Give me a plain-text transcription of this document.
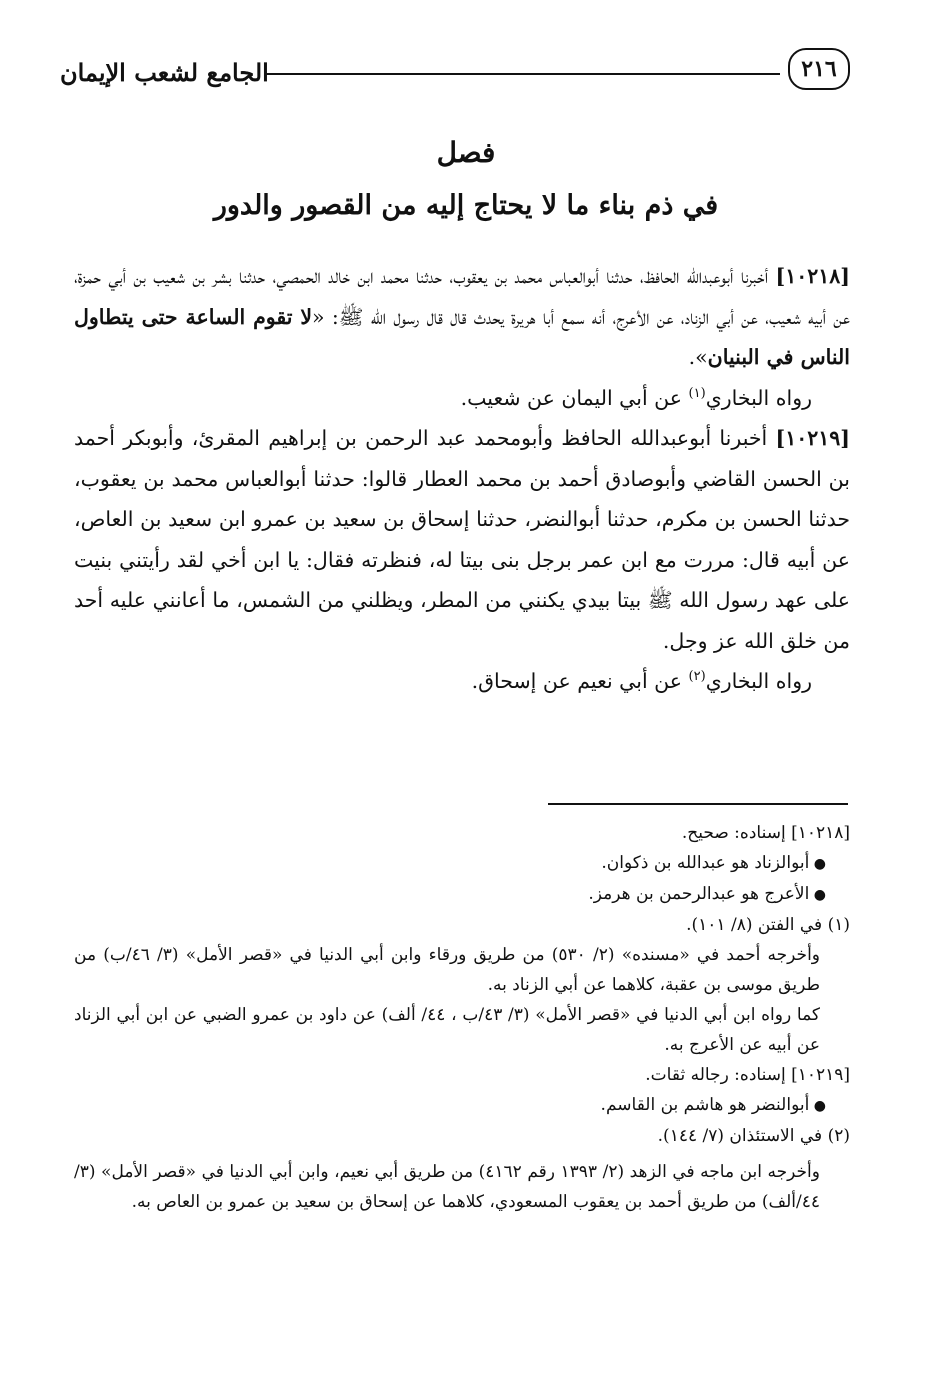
الجامع لشعب الإيمان	٢١٦
فصل
في ذم بناء ما لا يحتاج إليه من القصور والدور

[١٠٢١٨] أخبرنا أبوعبدالله الحافظ، حدثنا أبوالعباس محمد بن يعقوب، حدثنا محمد ابن خالد الحمصي، حدثنا بشر بن شعيب بن أبي حمزة، عن أبيه شعيب، عن أبي الزناد، عن الأعرج، أنه سمع أبا هريرة يحدث قال قال رسول الله ﷺ: «لا تقوم الساعة حتى يتطاول الناس في البنيان».

رواه البخاري$^{(١)}$ عن أبي اليمان عن شعيب.

[١٠٢١٩] أخبرنا أبوعبدالله الحافظ وأبومحمد عبد الرحمن بن إبراهيم المقرئ، وأبوبكر أحمد بن الحسن القاضي وأبوصادق أحمد بن محمد العطار قالوا: حدثنا أبوالعباس محمد بن يعقوب، حدثنا الحسن بن مكرم، حدثنا أبوالنضر، حدثنا إسحاق بن سعيد بن عمرو ابن سعيد بن العاص، عن أبيه قال: مررت مع ابن عمر برجل بنى بيتا له، فنظرته فقال: يا ابن أخي لقد رأيتني بنيت على عهد رسول الله ﷺ بيتا بيدي يكنني من المطر، ويظلني من الشمس، ما أعانني عليه أحد من خلق الله عز وجل.

رواه البخاري$^{(٢)}$ عن أبي نعيم عن إسحاق.

[١٠٢١٨] إسناده: صحيح.

● أبوالزناد هو عبدالله بن ذكوان.

● الأعرج هو عبدالرحمن بن هرمز.

(١) في الفتن (٨/ ١٠١).

وأخرجه أحمد في «مسنده» (٢/ ٥٣٠) من طريق ورقاء وابن أبي الدنيا في «قصر الأمل» (٣/ ٤٦/ب) من طريق موسى بن عقبة، كلاهما عن أبي الزناد به.

كما رواه ابن أبي الدنيا في «قصر الأمل» (٣/ ٤٣/ب ، ٤٤/ ألف) عن داود بن عمرو الضبي عن ابن أبي الزناد عن أبيه عن الأعرج به.

[١٠٢١٩] إسناده: رجاله ثقات.

● أبوالنضر هو هاشم بن القاسم.

(٢) في الاستئذان (٧/ ١٤٤).

وأخرجه ابن ماجه في الزهد (٢/ ١٣٩٣ رقم ٤١٦٢) من طريق أبي نعيم، وابن أبي الدنيا في «قصر الأمل» (٣/ ٤٤/ألف) من طريق أحمد بن يعقوب المسعودي، كلاهما عن إسحاق بن سعيد بن عمرو بن العاص به.
